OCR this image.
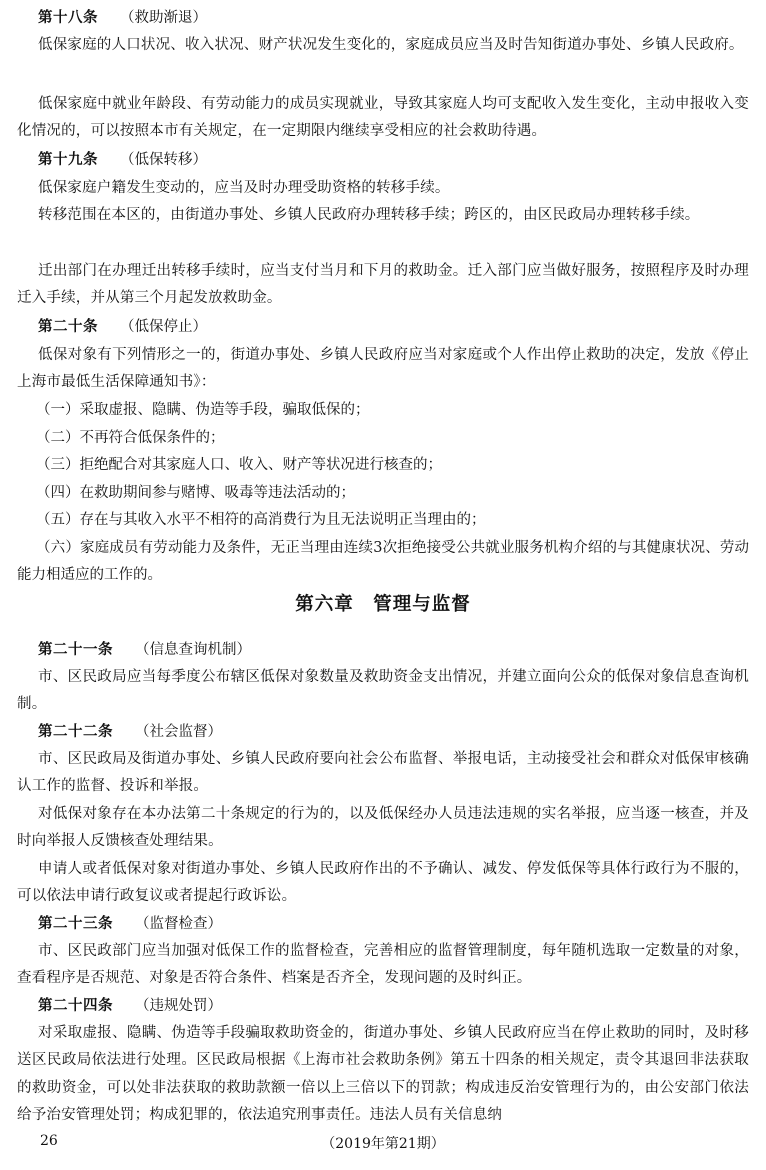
第十八条 （救助渐退）
低保家庭的人口状况、收入状况、财产状况发生变化的，家庭成员应当及时告知街道办事处、乡镇人民政府。
低保家庭中就业年龄段、有劳动能力的成员实现就业，导致其家庭人均可支配收入发生变化，主动申报收入变化情况的，可以按照本市有关规定，在一定期限内继续享受相应的社会救助待遇。
第十九条 （低保转移）
低保家庭户籍发生变动的，应当及时办理受助资格的转移手续。
转移范围在本区的，由街道办事处、乡镇人民政府办理转移手续；跨区的，由区民政局办理转移手续。
迁出部门在办理迁出转移手续时，应当支付当月和下月的救助金。迁入部门应当做好服务，按照程序及时办理迁入手续，并从第三个月起发放救助金。
第二十条 （低保停止）
低保对象有下列情形之一的，街道办事处、乡镇人民政府应当对家庭或个人作出停止救助的决定，发放《停止上海市最低生活保障通知书》：
（一）采取虚报、隐瞒、伪造等手段，骗取低保的；
（二）不再符合低保条件的；
（三）拒绝配合对其家庭人口、收入、财产等状况进行核查的；
（四）在救助期间参与赌博、吸毒等违法活动的；
（五）存在与其收入水平不相符的高消费行为且无法说明正当理由的；
（六）家庭成员有劳动能力及条件，无正当理由连续3次拒绝接受公共就业服务机构介绍的与其健康状况、劳动能力相适应的工作的。
第六章　管理与监督
第二十一条 （信息查询机制）
市、区民政局应当每季度公布辖区低保对象数量及救助资金支出情况，并建立面向公众的低保对象信息查询机制。
第二十二条 （社会监督）
市、区民政局及街道办事处、乡镇人民政府要向社会公布监督、举报电话，主动接受社会和群众对低保审核确认工作的监督、投诉和举报。
对低保对象存在本办法第二十条规定的行为的，以及低保经办人员违法违规的实名举报，应当逐一核查，并及时向举报人反馈核查处理结果。
申请人或者低保对象对街道办事处、乡镇人民政府作出的不予确认、减发、停发低保等具体行政行为不服的，可以依法申请行政复议或者提起行政诉讼。
第二十三条 （监督检查）
市、区民政部门应当加强对低保工作的监督检查，完善相应的监督管理制度，每年随机选取一定数量的对象，查看程序是否规范、对象是否符合条件、档案是否齐全，发现问题的及时纠正。
第二十四条 （违规处罚）
对采取虚报、隐瞒、伪造等手段骗取救助资金的，街道办事处、乡镇人民政府应当在停止救助的同时，及时移送区民政局依法进行处理。区民政局根据《上海市社会救助条例》第五十四条的相关规定，责令其退回非法获取的救助资金，可以处非法获取的救助款额一倍以上三倍以下的罚款；构成违反治安管理行为的，由公安部门依法给予治安管理处罚；构成犯罪的，依法追究刑事责任。违法人员有关信息纳
26	（2019年第21期）
